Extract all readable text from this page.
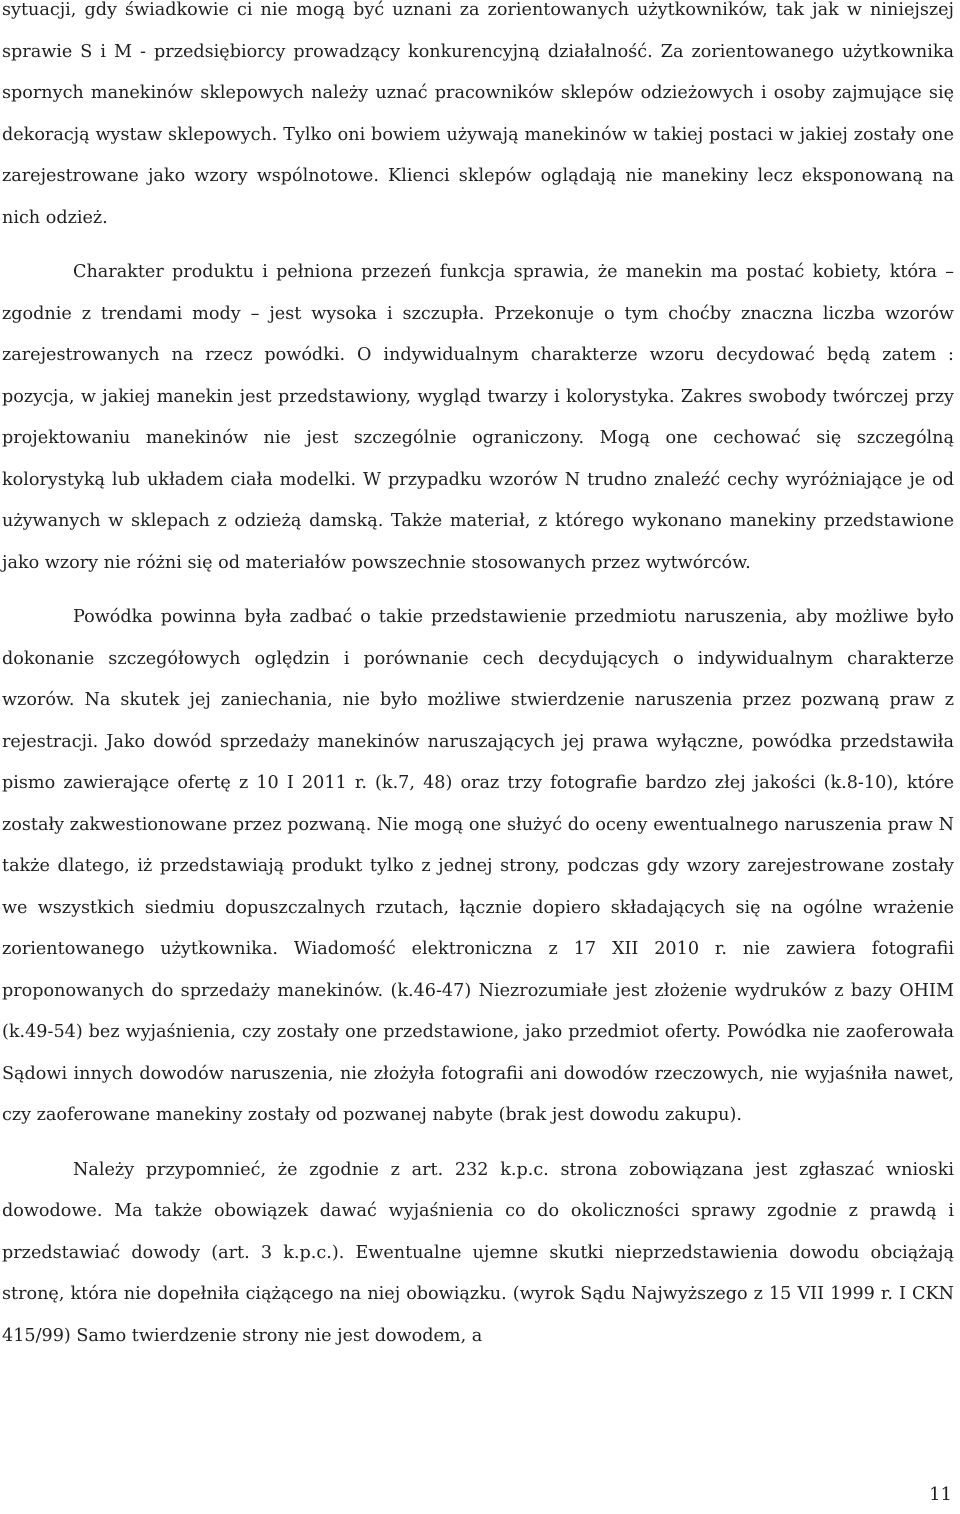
sytuacji, gdy świadkowie ci nie mogą być uznani za zorientowanych użytkowników, tak jak w niniejszej sprawie S i M - przedsiębiorcy prowadzący konkurencyjną działalność. Za zorientowanego użytkownika spornych manekinów sklepowych należy uznać pracowników sklepów odzieżowych i osoby zajmujące się dekoracją wystaw sklepowych. Tylko oni bowiem używają manekinów w takiej postaci w jakiej zostały one zarejestrowane jako wzory wspólnotowe. Klienci sklepów oglądają nie manekiny lecz eksponowaną na nich odzież.

Charakter produktu i pełniona przezeń funkcja sprawia, że manekin ma postać kobiety, która – zgodnie z trendami mody – jest wysoka i szczupła. Przekonuje o tym choćby znaczna liczba wzorów zarejestrowanych na rzecz powódki. O indywidualnym charakterze wzoru decydować będą zatem : pozycja, w jakiej manekin jest przedstawiony, wygląd twarzy i kolorystyka. Zakres swobody twórczej przy projektowaniu manekinów nie jest szczególnie ograniczony. Mogą one cechować się szczególną kolorystyką lub układem ciała modelki. W przypadku wzorów N trudno znaleźć cechy wyróżniające je od używanych w sklepach z odzieżą damską. Także materiał, z którego wykonano manekiny przedstawione jako wzory nie różni się od materiałów powszechnie stosowanych przez wytwórców.

Powódka powinna była zadbać o takie przedstawienie przedmiotu naruszenia, aby możliwe było dokonanie szczegółowych oględzin i porównanie cech decydujących o indywidualnym charakterze wzorów. Na skutek jej zaniechania, nie było możliwe stwierdzenie naruszenia przez pozwaną praw z rejestracji. Jako dowód sprzedaży manekinów naruszających jej prawa wyłączne, powódka przedstawiła pismo zawierające ofertę z 10 I 2011 r. (k.7, 48) oraz trzy fotografie bardzo złej jakości (k.8-10), które zostały zakwestionowane przez pozwaną. Nie mogą one służyć do oceny ewentualnego naruszenia praw N także dlatego, iż przedstawiają produkt tylko z jednej strony, podczas gdy wzory zarejestrowane zostały we wszystkich siedmiu dopuszczalnych rzutach, łącznie dopiero składających się na ogólne wrażenie zorientowanego użytkownika. Wiadomość elektroniczna z 17 XII 2010 r. nie zawiera fotografii proponowanych do sprzedaży manekinów. (k.46-47) Niezrozumiałe jest złożenie wydruków z bazy OHIM (k.49-54) bez wyjaśnienia, czy zostały one przedstawione, jako przedmiot oferty. Powódka nie zaoferowała Sądowi innych dowodów naruszenia, nie złożyła fotografii ani dowodów rzeczowych, nie wyjaśniła nawet, czy zaoferowane manekiny zostały od pozwanej nabyte (brak jest dowodu zakupu).

Należy przypomnieć, że zgodnie z art. 232 k.p.c. strona zobowiązana jest zgłaszać wnioski dowodowe. Ma także obowiązek dawać wyjaśnienia co do okoliczności sprawy zgodnie z prawdą i przedstawiać dowody (art. 3 k.p.c.). Ewentualne ujemne skutki nieprzedstawienia dowodu obciążają stronę, która nie dopełniła ciążącego na niej obowiązku. (wyrok Sądu Najwyższego z 15 VII 1999 r. I CKN 415/99) Samo twierdzenie strony nie jest dowodem, a

11
